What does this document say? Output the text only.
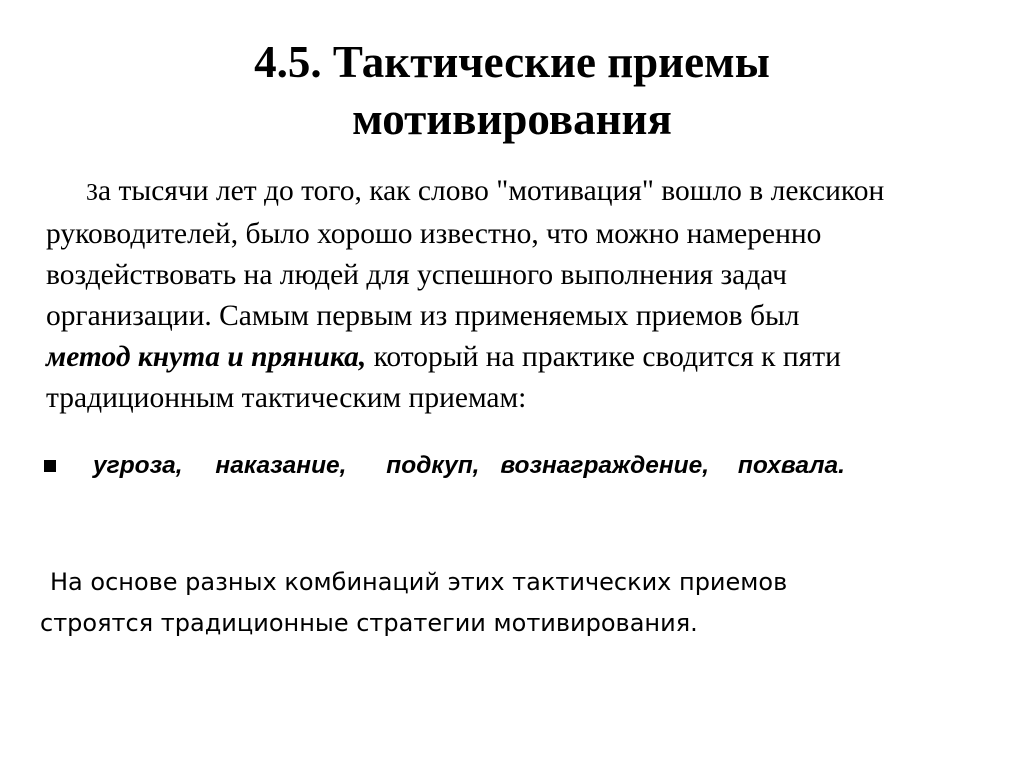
4.5. Тактические приемы
мотивирования

За тысячи лет до того, как слово "мотивация" вошло в лексикон
руководителей, было хорошо известно, что можно намеренно
воздействовать на людей для успешного выполнения задач
организации. Самым первым из применяемых приемов был
метод кнута и пряника, который на практике сводится к пяти
традиционным тактическим приемам:

угроза, наказание, подкуп, вознаграждение, похвала.

На основе разных комбинаций этих тактических приемов
строятся традиционные стратегии мотивирования.
